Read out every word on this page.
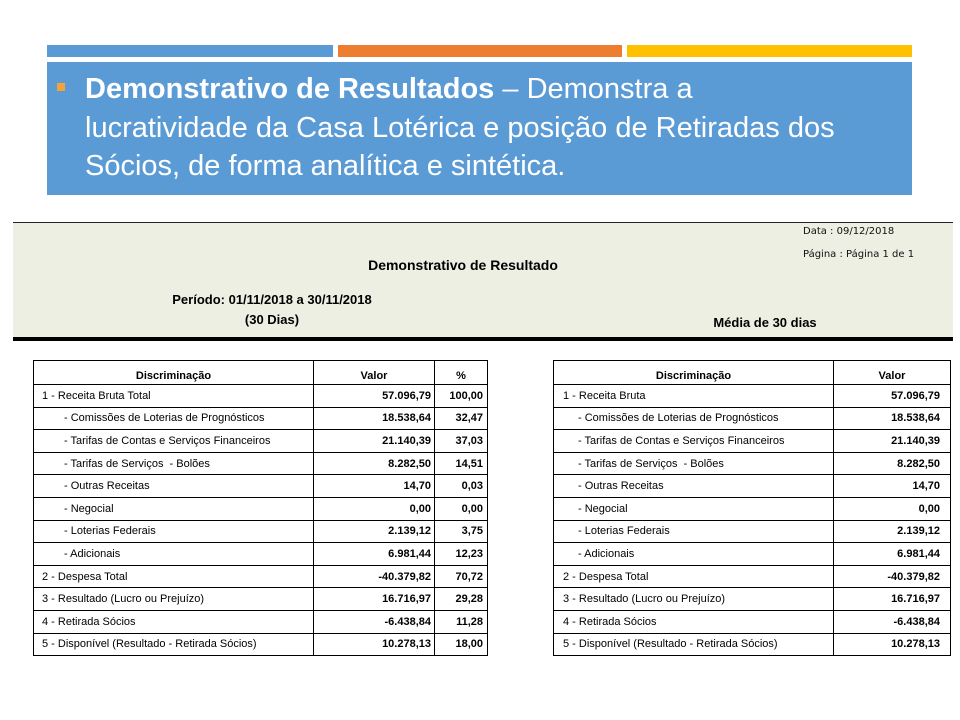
Demonstrativo de Resultados – Demonstra a lucratividade da Casa Lotérica e posição de Retiradas dos Sócios, de forma analítica e sintética.
Data : 09/12/2018
Página : Página 1 de 1
Demonstrativo de Resultado
Período: 01/11/2018 a 30/11/2018
(30 Dias)	Média de 30 dias
Discriminação	Valor	%
1 - Receita Bruta Total	57.096,79	100,00
- Comissões de Loterias de Prognósticos	18.538,64	32,47
- Tarifas de Contas e Serviços Financeiros	21.140,39	37,03
- Tarifas de Serviços  - Bolões	8.282,50	14,51
- Outras Receitas	14,70	0,03
- Negocial	0,00	0,00
- Loterias Federais	2.139,12	3,75
- Adicionais	6.981,44	12,23
2 - Despesa Total	-40.379,82	70,72
3 - Resultado (Lucro ou Prejuízo)	16.716,97	29,28
4 - Retirada Sócios	-6.438,84	11,28
5 - Disponível (Resultado - Retirada Sócios)	10.278,13	18,00
Discriminação	Valor
1 - Receita Bruta	57.096,79
- Comissões de Loterias de Prognósticos	18.538,64
- Tarifas de Contas e Serviços Financeiros	21.140,39
- Tarifas de Serviços  - Bolões	8.282,50
- Outras Receitas	14,70
- Negocial	0,00
- Loterias Federais	2.139,12
- Adicionais	6.981,44
2 - Despesa Total	-40.379,82
3 - Resultado (Lucro ou Prejuízo)	16.716,97
4 - Retirada Sócios	-6.438,84
5 - Disponível (Resultado - Retirada Sócios)	10.278,13
